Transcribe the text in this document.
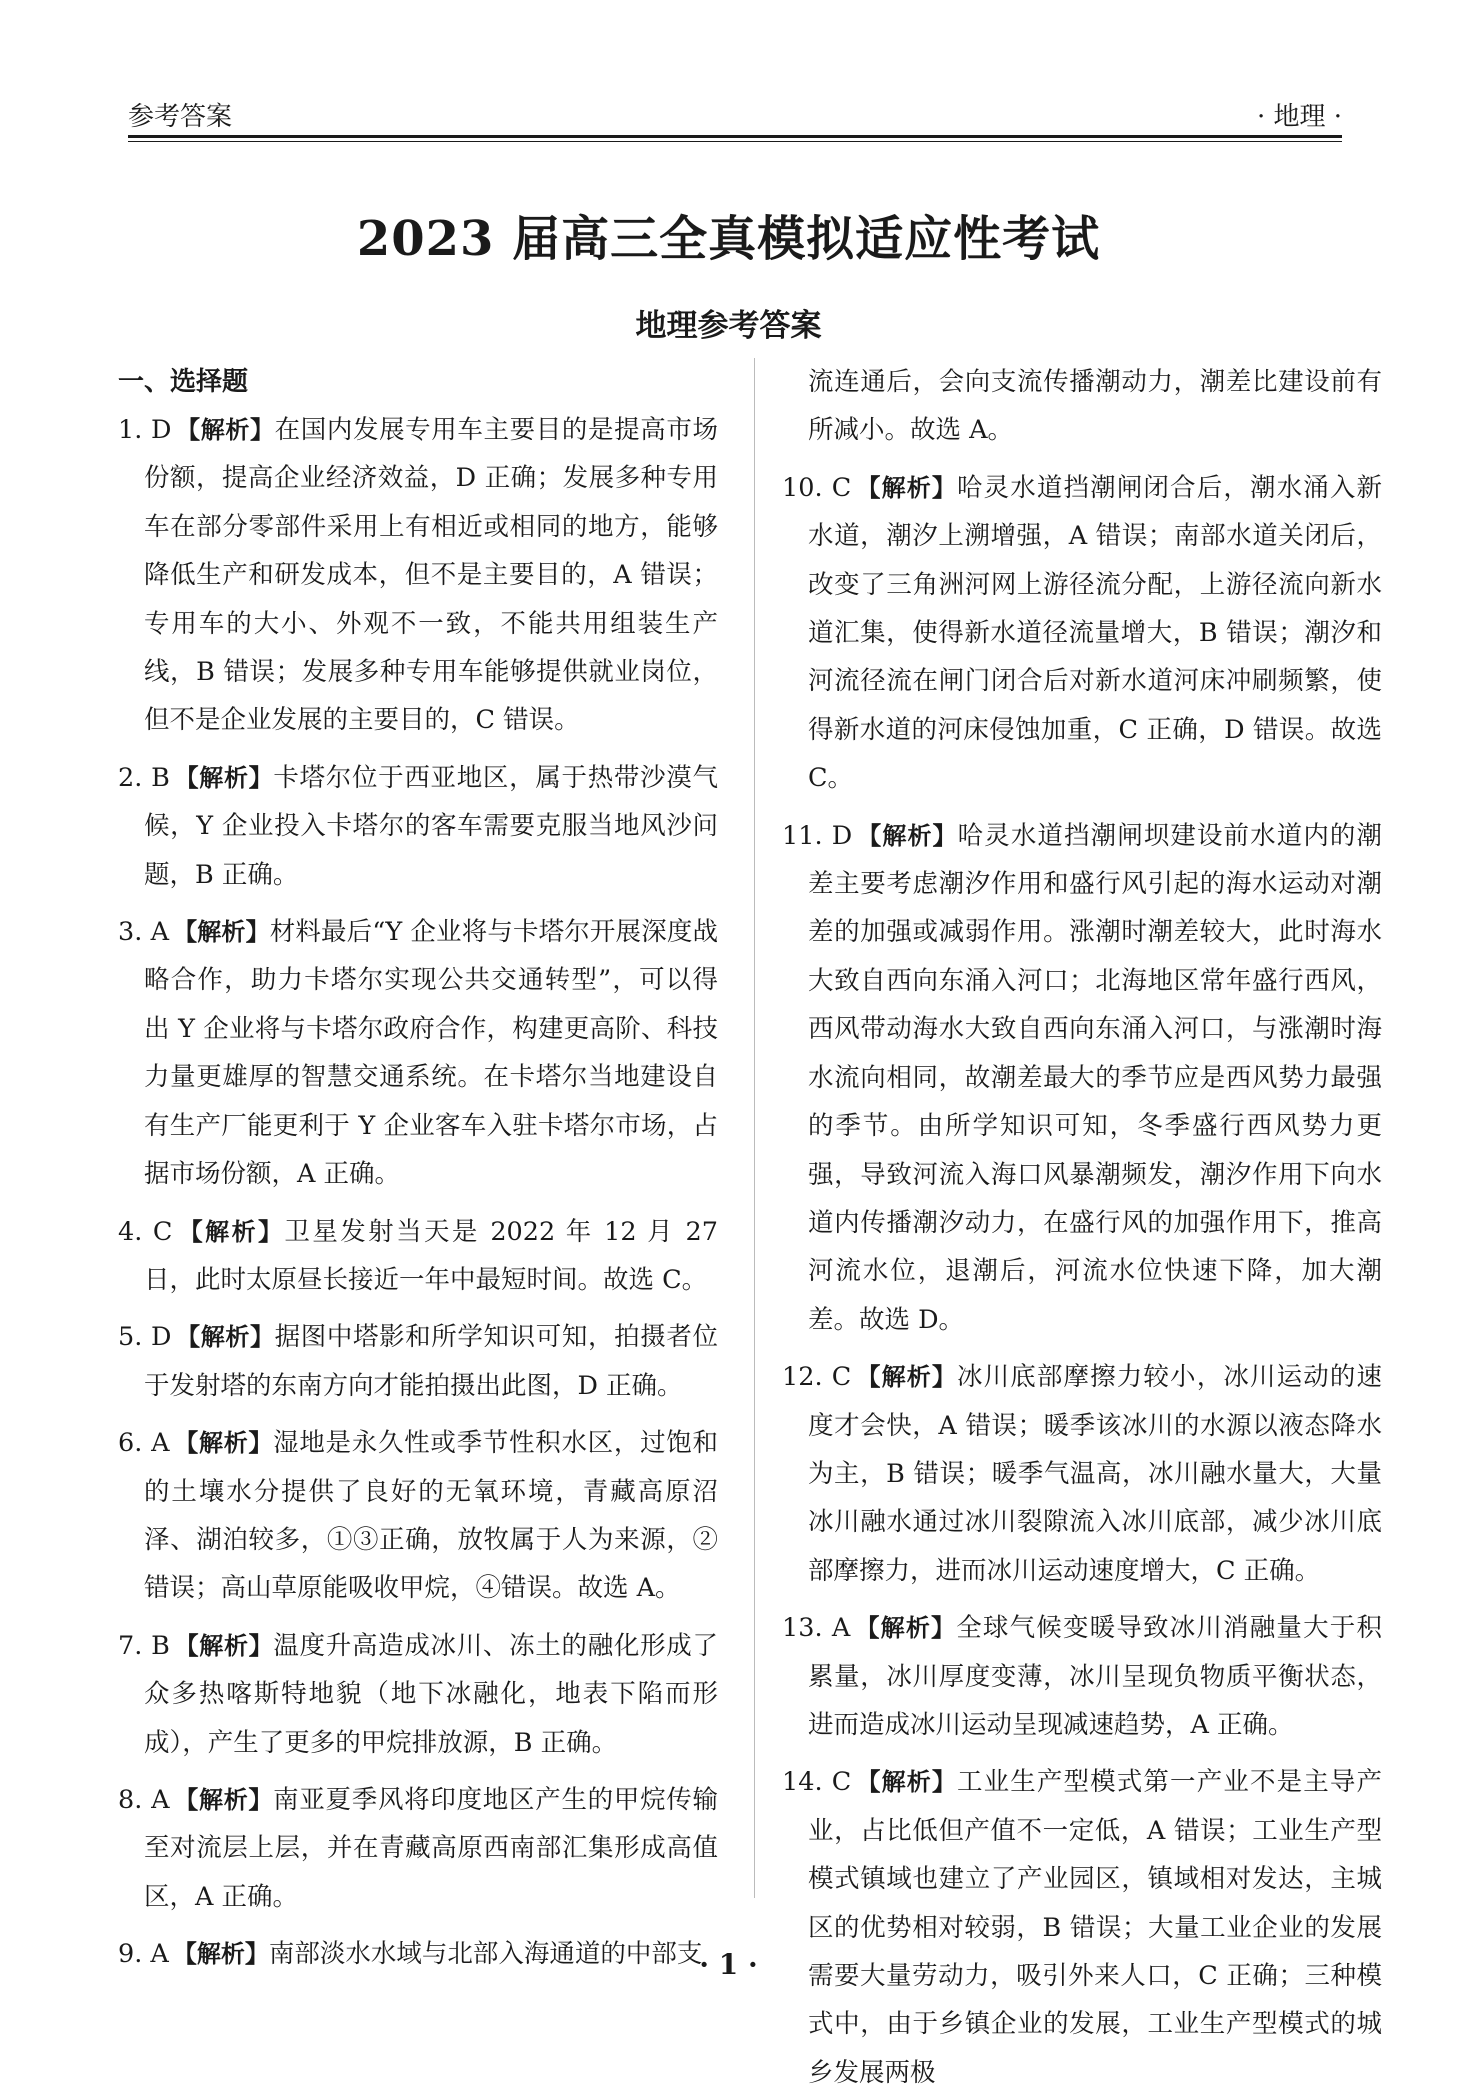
参考答案	· 地理 ·
2023 届高三全真模拟适应性考试
地理参考答案
一、选择题

1. D 【解析】在国内发展专用车主要目的是提高市场份额，提高企业经济效益，D 正确；发展多种专用车在部分零部件采用上有相近或相同的地方，能够降低生产和研发成本，但不是主要目的，A 错误；专用车的大小、外观不一致，不能共用组装生产线，B 错误；发展多种专用车能够提供就业岗位，但不是企业发展的主要目的，C 错误。

2. B 【解析】卡塔尔位于西亚地区，属于热带沙漠气候，Y 企业投入卡塔尔的客车需要克服当地风沙问题，B 正确。

3. A 【解析】材料最后“Y 企业将与卡塔尔开展深度战略合作，助力卡塔尔实现公共交通转型”，可以得出 Y 企业将与卡塔尔政府合作，构建更高阶、科技力量更雄厚的智慧交通系统。在卡塔尔当地建设自有生产厂能更利于 Y 企业客车入驻卡塔尔市场，占据市场份额，A 正确。

4. C 【解析】卫星发射当天是 2022 年 12 月 27 日，此时太原昼长接近一年中最短时间。故选 C。

5. D 【解析】据图中塔影和所学知识可知，拍摄者位于发射塔的东南方向才能拍摄出此图，D 正确。

6. A 【解析】湿地是永久性或季节性积水区，过饱和的土壤水分提供了良好的无氧环境，青藏高原沼泽、湖泊较多，①③正确，放牧属于人为来源，②错误；高山草原能吸收甲烷，④错误。故选 A。

7. B 【解析】温度升高造成冰川、冻土的融化形成了众多热喀斯特地貌（地下冰融化，地表下陷而形成），产生了更多的甲烷排放源，B 正确。

8. A 【解析】南亚夏季风将印度地区产生的甲烷传输至对流层上层，并在青藏高原西南部汇集形成高值区，A 正确。

9. A 【解析】南部淡水水域与北部入海通道的中部支

流连通后，会向支流传播潮动力，潮差比建设前有所减小。故选 A。

10. C 【解析】哈灵水道挡潮闸闭合后，潮水涌入新水道，潮汐上溯增强，A 错误；南部水道关闭后，改变了三角洲河网上游径流分配，上游径流向新水道汇集，使得新水道径流量增大，B 错误；潮汐和河流径流在闸门闭合后对新水道河床冲刷频繁，使得新水道的河床侵蚀加重，C 正确，D 错误。故选 C。

11. D 【解析】哈灵水道挡潮闸坝建设前水道内的潮差主要考虑潮汐作用和盛行风引起的海水运动对潮差的加强或减弱作用。涨潮时潮差较大，此时海水大致自西向东涌入河口；北海地区常年盛行西风，西风带动海水大致自西向东涌入河口，与涨潮时海水流向相同，故潮差最大的季节应是西风势力最强的季节。由所学知识可知，冬季盛行西风势力更强，导致河流入海口风暴潮频发，潮汐作用下向水道内传播潮汐动力，在盛行风的加强作用下，推高河流水位，退潮后，河流水位快速下降，加大潮差。故选 D。

12. C 【解析】冰川底部摩擦力较小，冰川运动的速度才会快，A 错误；暖季该冰川的水源以液态降水为主，B 错误；暖季气温高，冰川融水量大，大量冰川融水通过冰川裂隙流入冰川底部，减少冰川底部摩擦力，进而冰川运动速度增大，C 正确。

13. A 【解析】全球气候变暖导致冰川消融量大于积累量，冰川厚度变薄，冰川呈现负物质平衡状态，进而造成冰川运动呈现减速趋势，A 正确。

14. C 【解析】工业生产型模式第一产业不是主导产业，占比低但产值不一定低，A 错误；工业生产型模式镇域也建立了产业园区，镇域相对发达，主城区的优势相对较弱，B 错误；大量工业企业的发展需要大量劳动力，吸引外来人口，C 正确；三种模式中，由于乡镇企业的发展，工业生产型模式的城乡发展两极

· 1 ·
